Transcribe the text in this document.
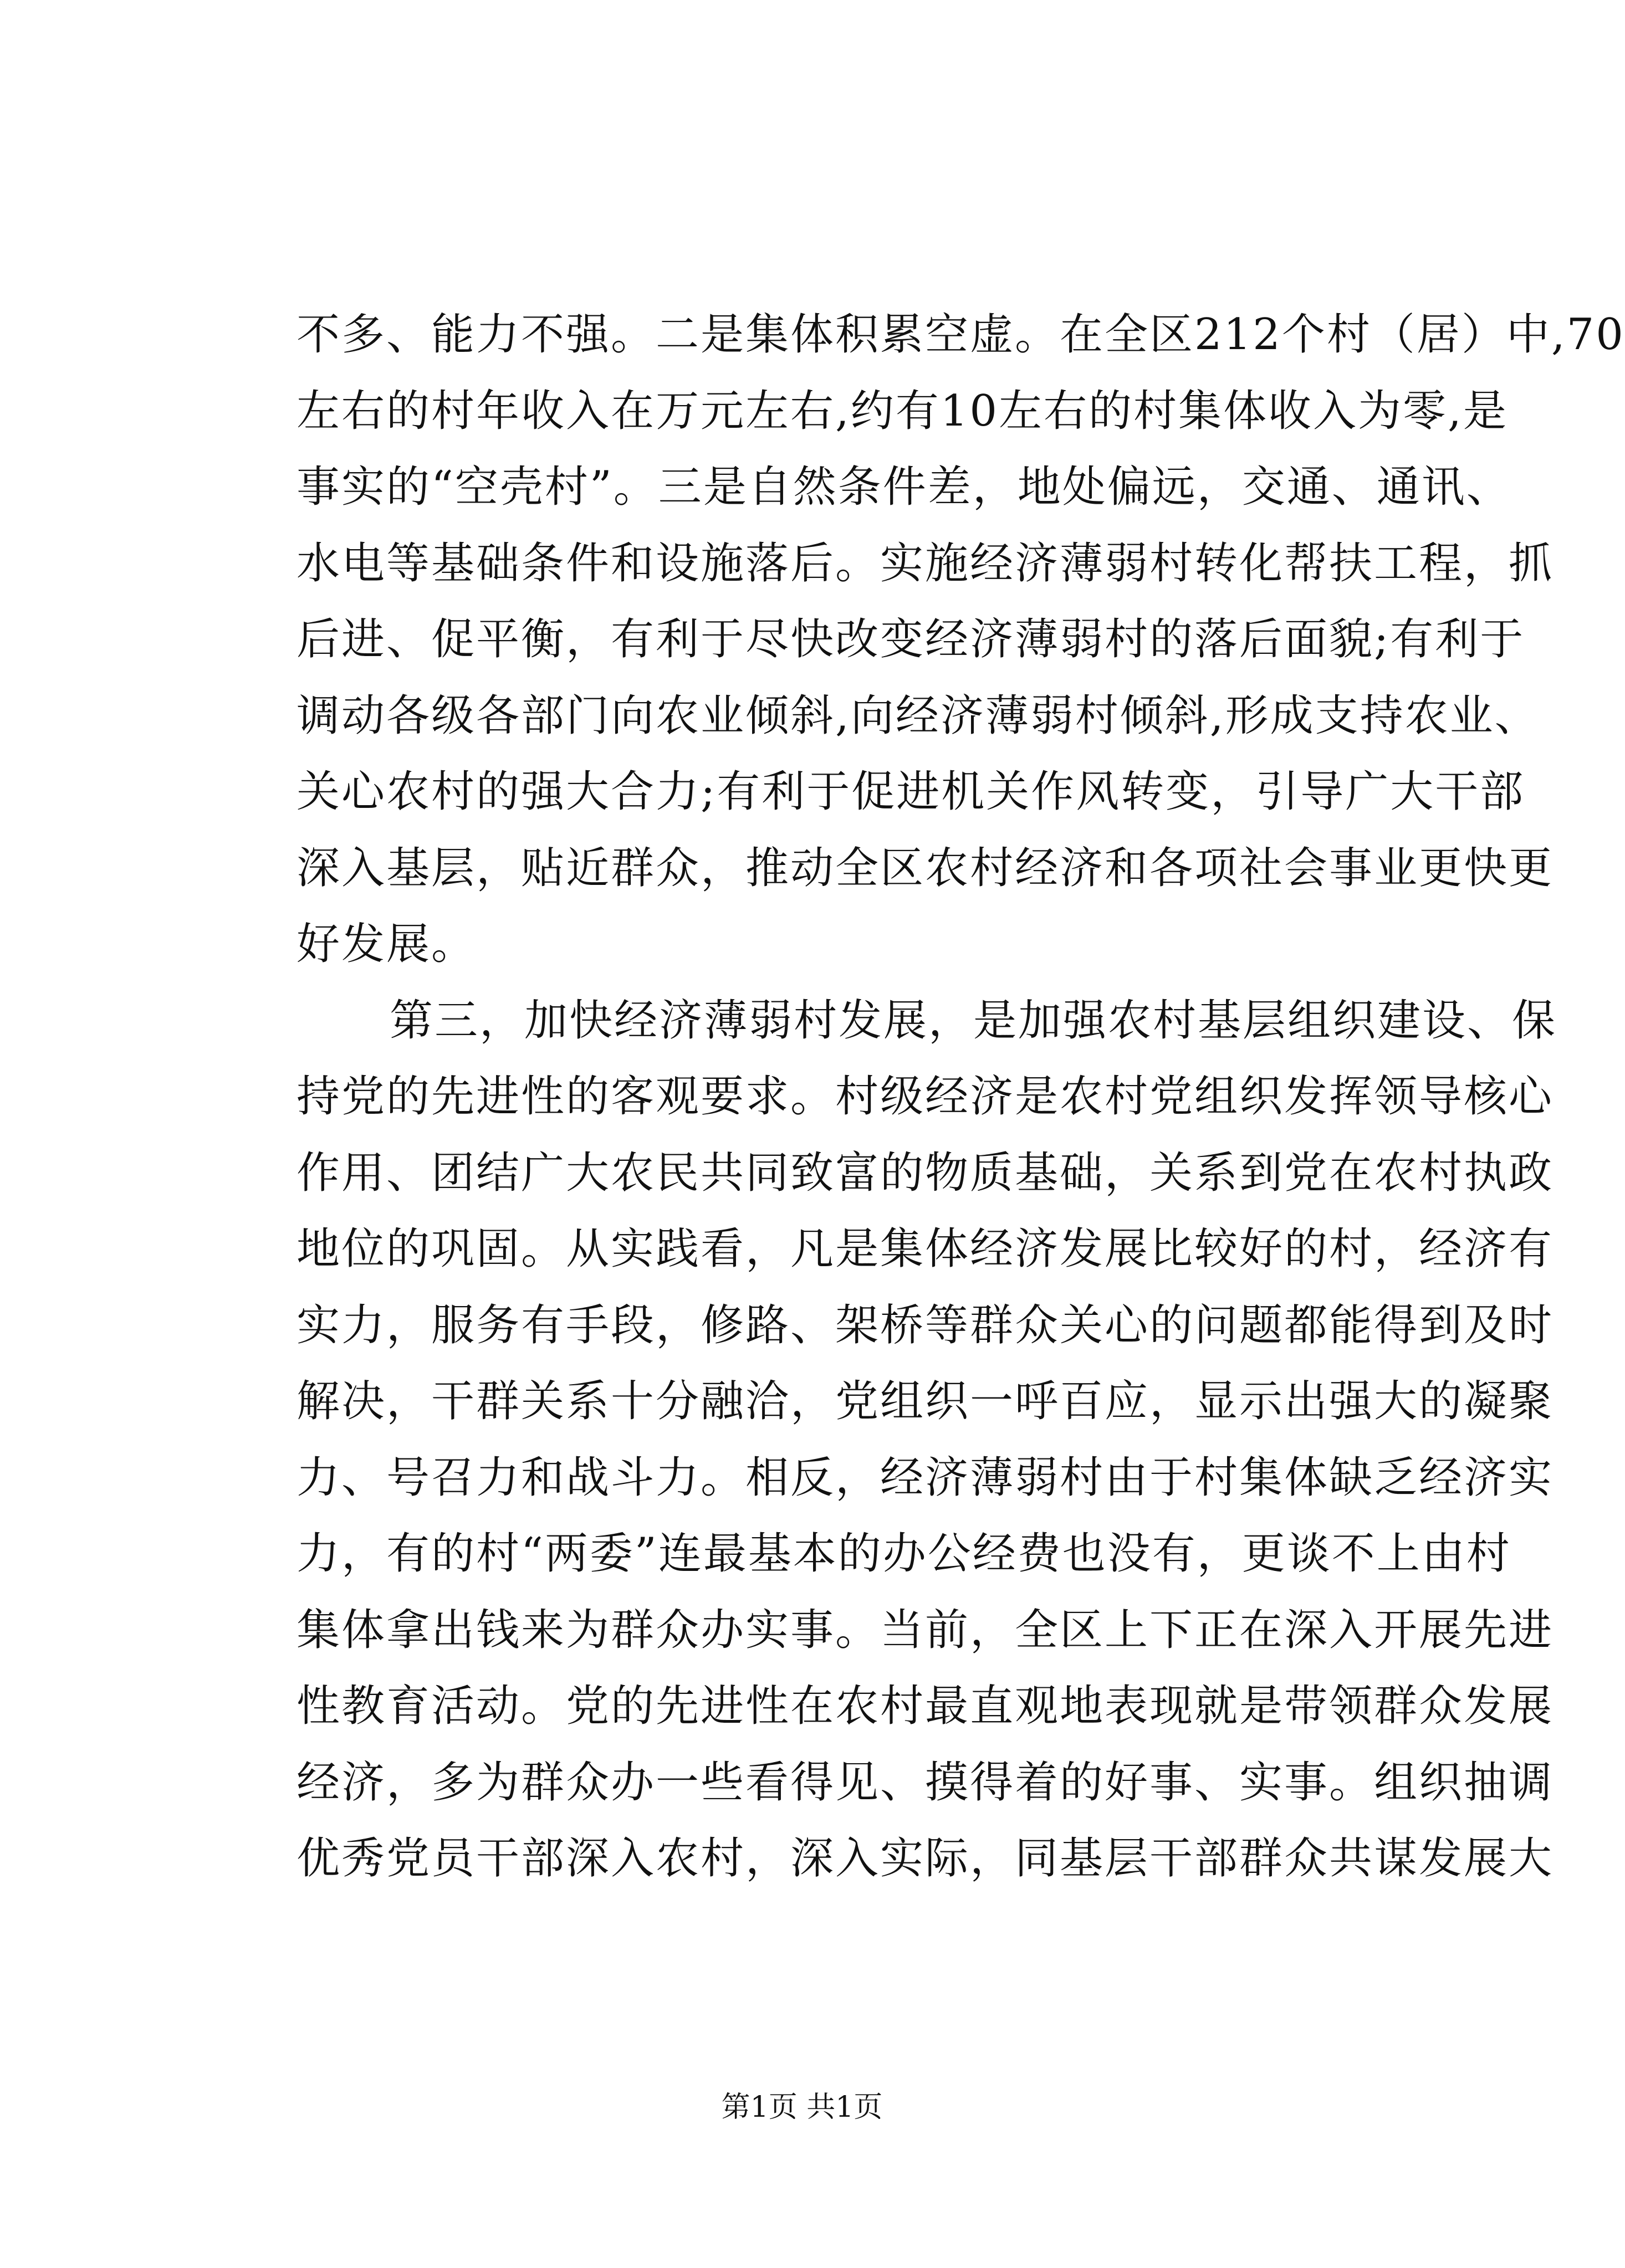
不多、能力不强。二是集体积累空虚。在全区212个村（居）中,70
左右的村年收入在万元左右,约有10左右的村集体收入为零,是
事实的“空壳村”。三是自然条件差，地处偏远，交通、通讯、
水电等基础条件和设施落后。实施经济薄弱村转化帮扶工程，抓
后进、促平衡，有利于尽快改变经济薄弱村的落后面貌;有利于
调动各级各部门向农业倾斜,向经济薄弱村倾斜,形成支持农业、
关心农村的强大合力;有利于促进机关作风转变，引导广大干部
深入基层，贴近群众，推动全区农村经济和各项社会事业更快更
好发展。
第三，加快经济薄弱村发展，是加强农村基层组织建设、保
持党的先进性的客观要求。村级经济是农村党组织发挥领导核心
作用、团结广大农民共同致富的物质基础，关系到党在农村执政
地位的巩固。从实践看，凡是集体经济发展比较好的村，经济有
实力，服务有手段，修路、架桥等群众关心的问题都能得到及时
解决，干群关系十分融洽，党组织一呼百应，显示出强大的凝聚
力、号召力和战斗力。相反，经济薄弱村由于村集体缺乏经济实
力，有的村“两委”连最基本的办公经费也没有，更谈不上由村
集体拿出钱来为群众办实事。当前，全区上下正在深入开展先进
性教育活动。党的先进性在农村最直观地表现就是带领群众发展
经济，多为群众办一些看得见、摸得着的好事、实事。组织抽调
优秀党员干部深入农村，深入实际，同基层干部群众共谋发展大
第1页 共1页
